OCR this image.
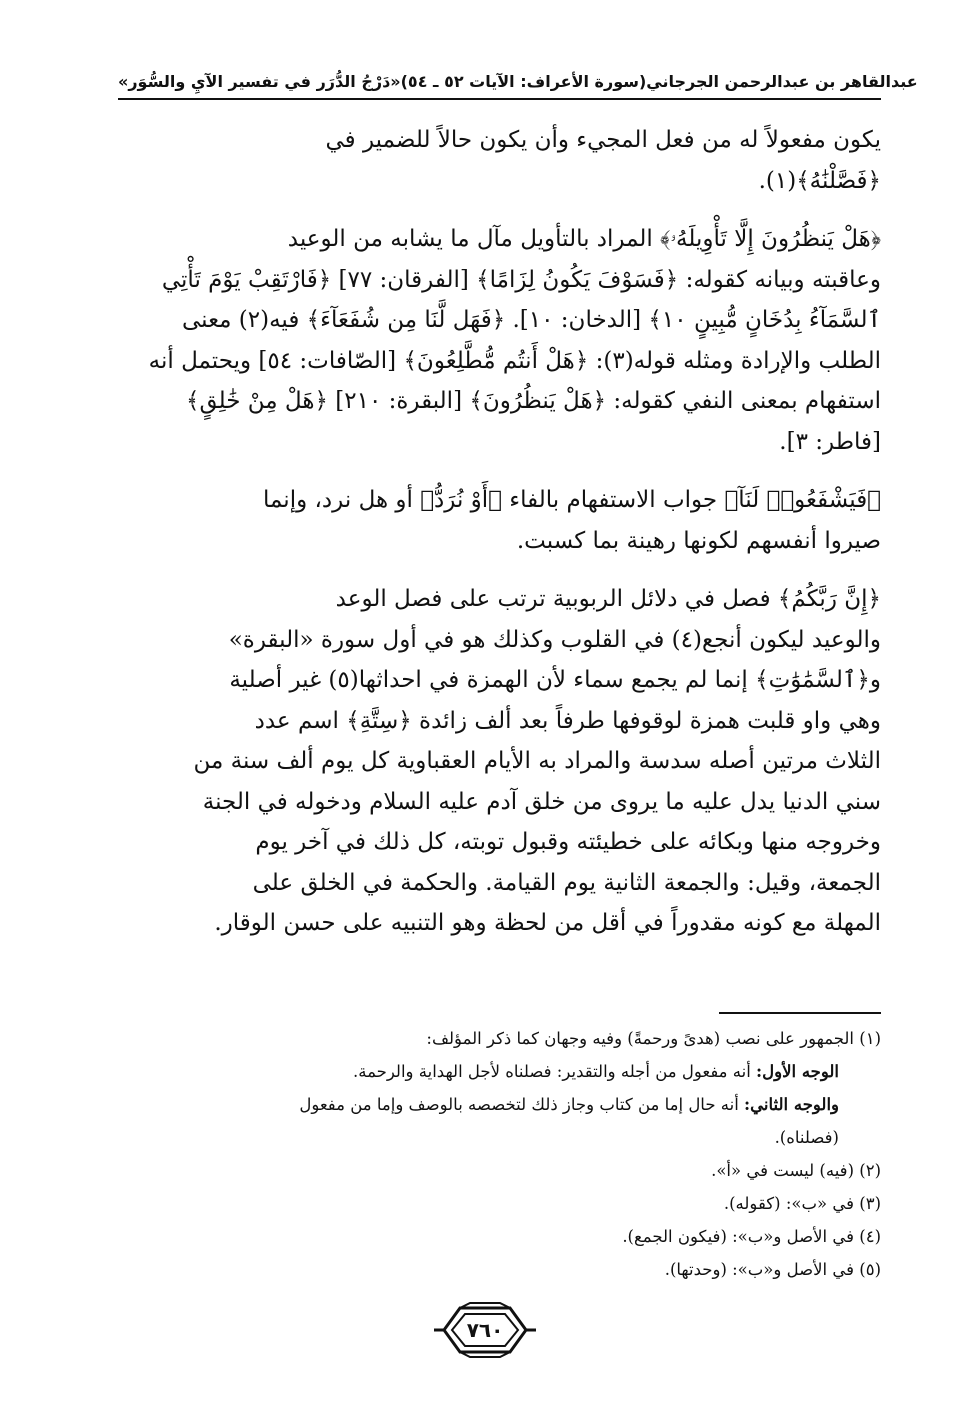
«دَرْجُ الدُّرَر في تفسير الآيِ والسُّوَر» (سورة الأعراف: الآيات ٥٢ ـ ٥٤) عبدالقاهر بن عبدالرحمن الجرجاني
يكون مفعولاً له من فعل المجيء وأن يكون حالاً للضمير في
﴿فَصَّلْنَٰهُ﴾(١).
﴿هَلْ يَنظُرُونَ إِلَّا تَأْوِيلَهُۥ﴾ المراد بالتأويل مآل ما يشابه من الوعيد
وعاقبته وبيانه كقوله: ﴿فَسَوْفَ يَكُونُ لِزَامًا﴾ [الفرقان: ٧٧] ﴿فَارْتَقِبْ يَوْمَ تَأْتِي
ٱلسَّمَآءُ بِدُخَانٍ مُّبِينٍ ١٠﴾ [الدخان: ١٠]. ﴿فَهَل لَّنَا مِن شُفَعَآءَ﴾ فيه(٢) معنى
الطلب والإرادة ومثله قوله(٣): ﴿هَلْ أَنتُم مُّطَّلِعُونَ﴾ [الصّافات: ٥٤] ويحتمل أنه
استفهام بمعنى النفي كقوله: ﴿هَلْ يَنظُرُونَ﴾ [البقرة: ٢١٠] ﴿هَلْ مِنْ خَٰلِقٍ﴾
[فاطر: ٣].
﴿فَيَشْفَعُوا۟ لَنَآ﴾ جواب الاستفهام بالفاء ﴿أَوْ نُرَدُّ﴾ أو هل نرد، وإنما
صيروا أنفسهم لكونها رهينة بما كسبت.
﴿إِنَّ رَبَّكُمُ﴾ فصل في دلائل الربوبية ترتب على فصل الوعد
والوعيد ليكون أنجع(٤) في القلوب وكذلك هو في أول سورة «البقرة»
و﴿ٱلسَّمَٰوَٰتِ﴾ إنما لم يجمع سماء لأن الهمزة في احداثها(٥) غير أصلية
وهي واو قلبت همزة لوقوفها طرفاً بعد ألف زائدة ﴿سِتَّةِ﴾ اسم عدد
الثلاث مرتين أصله سدسة والمراد به الأيام العقباوية كل يوم ألف سنة من
سني الدنيا يدل عليه ما يروى من خلق آدم عليه السلام ودخوله في الجنة
وخروجه منها وبكائه على خطيئته وقبول توبته، كل ذلك في آخر يوم
الجمعة، وقيل: والجمعة الثانية يوم القيامة. والحكمة في الخلق على
المهلة مع كونه مقدوراً في أقل من لحظة وهو التنبيه على حسن الوقار.
(١) الجمهور على نصب (هدىً ورحمةً) وفيه وجهان كما ذكر المؤلف:
الوجه الأول: أنه مفعول من أجله والتقدير: فصلناه لأجل الهداية والرحمة.
والوجه الثاني: أنه حال إما من كتاب وجاز ذلك لتخصصه بالوصف وإما من مفعول
(فصلناه).
(٢) (فيه) ليست في «أ».
(٣) في «ب»: (كقوله).
(٤) في الأصل و«ب»: (فيكون الجمع).
(٥) في الأصل و«ب»: (وحدتها).
٧٦٠
